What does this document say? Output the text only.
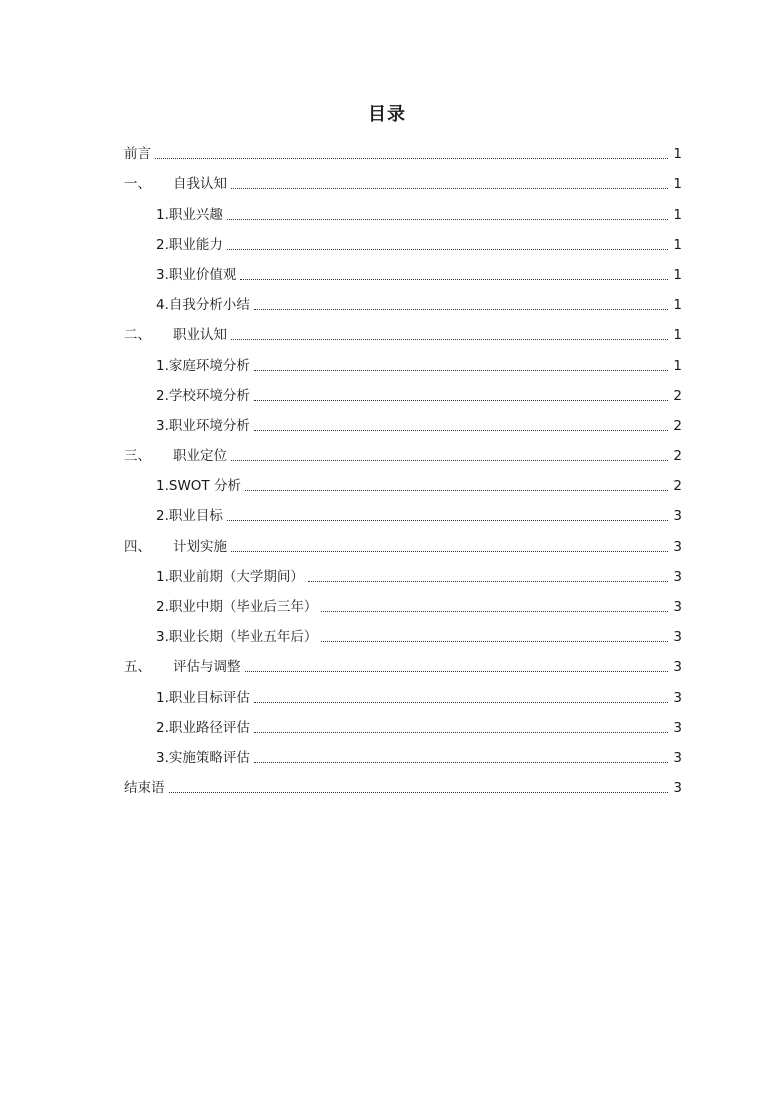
目录
前言	1
一、 自我认知	1
1.职业兴趣	1
2.职业能力	1
3.职业价值观	1
4.自我分析小结	1
二、 职业认知	1
1.家庭环境分析	1
2.学校环境分析	2
3.职业环境分析	2
三、 职业定位	2
1.SWOT 分析	2
2.职业目标	3
四、 计划实施	3
1.职业前期（大学期间）	3
2.职业中期（毕业后三年）	3
3.职业长期（毕业五年后）	3
五、 评估与调整	3
1.职业目标评估	3
2.职业路径评估	3
3.实施策略评估	3
结束语	3
